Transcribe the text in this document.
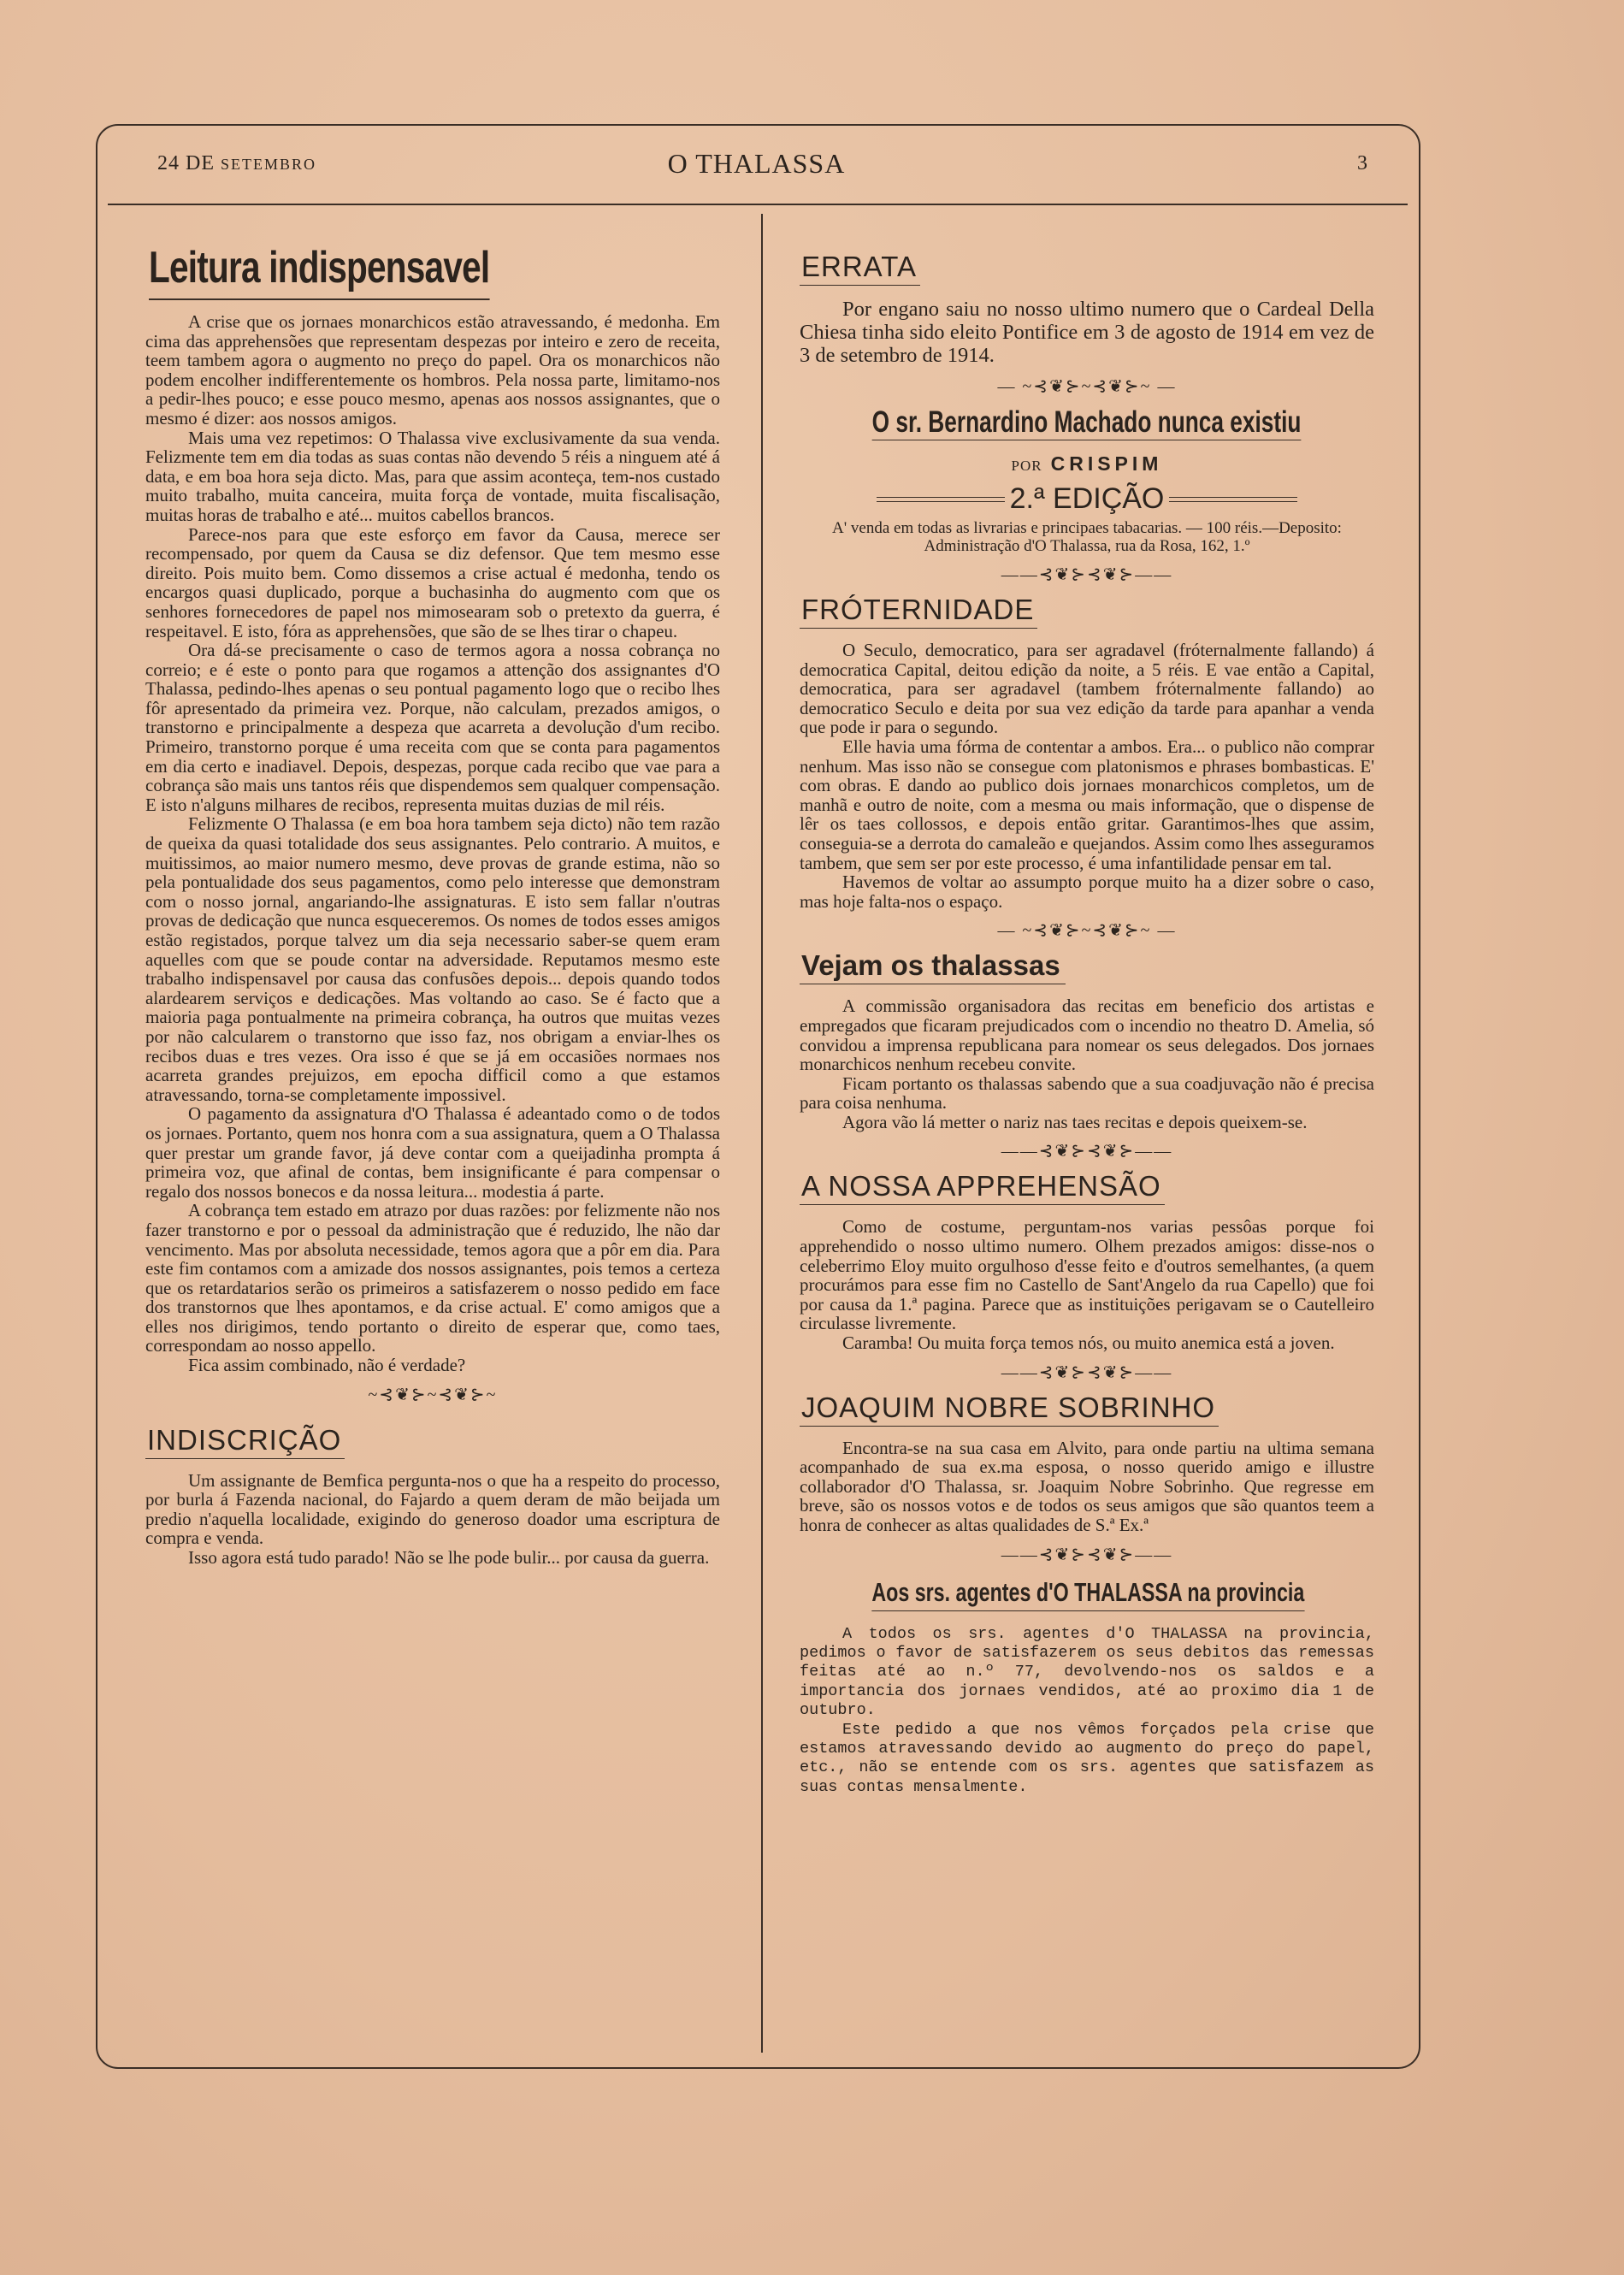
24 DE SETEMBRO	O THALASSA	3
Leitura indispensavel

A crise que os jornaes monarchicos estão atravessando, é medonha. Em cima das apprehensões que representam despezas por inteiro e zero de receita, teem tambem agora o augmento no preço do papel. Ora os monarchicos não podem encolher indifferentemente os hombros. Pela nossa parte, limitamo-nos a pedir-lhes pouco; e esse pouco mesmo, apenas aos nossos assignantes, que o mesmo é dizer: aos nossos amigos.

Mais uma vez repetimos: O Thalassa vive exclusivamente da sua venda. Felizmente tem em dia todas as suas contas não devendo 5 réis a ninguem até á data, e em boa hora seja dicto. Mas, para que assim aconteça, tem-nos custado muito trabalho, muita canceira, muita força de vontade, muita fiscalisação, muitas horas de trabalho e até... muitos cabellos brancos.

Parece-nos para que este esforço em favor da Causa, merece ser recompensado, por quem da Causa se diz defensor. Que tem mesmo esse direito. Pois muito bem. Como dissemos a crise actual é medonha, tendo os encargos quasi duplicado, porque a buchasinha do augmento com que os senhores fornecedores de papel nos mimosearam sob o pretexto da guerra, é respeitavel. E isto, fóra as apprehensões, que são de se lhes tirar o chapeu.

Ora dá-se precisamente o caso de termos agora a nossa cobrança no correio; e é este o ponto para que rogamos a attenção dos assignantes d'O Thalassa, pedindo-lhes apenas o seu pontual pagamento logo que o recibo lhes fôr apresentado da primeira vez. Porque, não calculam, prezados amigos, o transtorno e principalmente a despeza que acarreta a devolução d'um recibo. Primeiro, transtorno porque é uma receita com que se conta para pagamentos em dia certo e inadiavel. Depois, despezas, porque cada recibo que vae para a cobrança são mais uns tantos réis que dispendemos sem qualquer compensação. E isto n'alguns milhares de recibos, representa muitas duzias de mil réis.

Felizmente O Thalassa (e em boa hora tambem seja dicto) não tem razão de queixa da quasi totalidade dos seus assignantes. Pelo contrario. A muitos, e muitissimos, ao maior numero mesmo, deve provas de grande estima, não so pela pontualidade dos seus pagamentos, como pelo interesse que demonstram com o nosso jornal, angariando-lhe assignaturas. E isto sem fallar n'outras provas de dedicação que nunca esqueceremos. Os nomes de todos esses amigos estão registados, porque talvez um dia seja necessario saber-se quem eram aquelles com que se poude contar na adversidade. Reputamos mesmo este trabalho indispensavel por causa das confusões depois... depois quando todos alardearem serviços e dedicações. Mas voltando ao caso. Se é facto que a maioria paga pontualmente na primeira cobrança, ha outros que muitas vezes por não calcularem o transtorno que isso faz, nos obrigam a enviar-lhes os recibos duas e tres vezes. Ora isso é que se já em occasiões normaes nos acarreta grandes prejuizos, em epocha difficil como a que estamos atravessando, torna-se completamente impossivel.

O pagamento da assignatura d'O Thalassa é adeantado como o de todos os jornaes. Portanto, quem nos honra com a sua assignatura, quem a O Thalassa quer prestar um grande favor, já deve contar com a queijadinha prompta á primeira voz, que afinal de contas, bem insignificante é para compensar o regalo dos nossos bonecos e da nossa leitura... modestia á parte.

A cobrança tem estado em atrazo por duas razões: por felizmente não nos fazer transtorno e por o pessoal da administração que é reduzido, lhe não dar vencimento. Mas por absoluta necessidade, temos agora que a pôr em dia. Para este fim contamos com a amizade dos nossos assignantes, pois temos a certeza que os retardatarios serão os primeiros a satisfazerem o nosso pedido em face dos transtornos que lhes apontamos, e da crise actual. E' como amigos que a elles nos dirigimos, tendo portanto o direito de esperar que, como taes, correspondam ao nosso appello.

Fica assim combinado, não é verdade?

~⊰❦⊱~⊰❦⊱~
INDISCRIÇÃO

Um assignante de Bemfica pergunta-nos o que ha a respeito do processo, por burla á Fazenda nacional, do Fajardo a quem deram de mão beijada um predio n'aquella localidade, exigindo do generoso doador uma escriptura de compra e venda.

Isso agora está tudo parado! Não se lhe pode bulir... por causa da guerra.

ERRATA

Por engano saiu no nosso ultimo numero que o Cardeal Della Chiesa tinha sido eleito Pontifice em 3 de agosto de 1914 em vez de 3 de setembro de 1914.

— ~⊰❦⊱~⊰❦⊱~ —
O sr. Bernardino Machado nunca existiu
POR CRISPIM
2.ª EDIÇÃO

A' venda em todas as livrarias e principaes tabacarias. — 100 réis.—Deposito: Administração d'O Thalassa, rua da Rosa, 162, 1.º

——⊰❦⊱⊰❦⊱——
FRÓTERNIDADE

O Seculo, democratico, para ser agradavel (fróternalmente fallando) á democratica Capital, deitou edição da noite, a 5 réis. E vae então a Capital, democratica, para ser agradavel (tambem fróternalmente fallando) ao democratico Seculo e deita por sua vez edição da tarde para apanhar a venda que pode ir para o segundo.

Elle havia uma fórma de contentar a ambos. Era... o publico não comprar nenhum. Mas isso não se consegue com platonismos e phrases bombasticas. E' com obras. E dando ao publico dois jornaes monarchicos completos, um de manhã e outro de noite, com a mesma ou mais informação, que o dispense de lêr os taes collossos, e depois então gritar. Garantimos-lhes que assim, conseguia-se a derrota do camaleão e quejandos. Assim como lhes asseguramos tambem, que sem ser por este processo, é uma infantilidade pensar em tal.

Havemos de voltar ao assumpto porque muito ha a dizer sobre o caso, mas hoje falta-nos o espaço.

— ~⊰❦⊱~⊰❦⊱~ —
Vejam os thalassas

A commissão organisadora das recitas em beneficio dos artistas e empregados que ficaram prejudicados com o incendio no theatro D. Amelia, só convidou a imprensa republicana para nomear os seus delegados. Dos jornaes monarchicos nenhum recebeu convite.

Ficam portanto os thalassas sabendo que a sua coadjuvação não é precisa para coisa nenhuma.

Agora vão lá metter o nariz nas taes recitas e depois queixem-se.

——⊰❦⊱⊰❦⊱——
A NOSSA APPREHENSÃO

Como de costume, perguntam-nos varias pessôas porque foi apprehendido o nosso ultimo numero. Olhem prezados amigos: disse-nos o celeberrimo Eloy muito orgulhoso d'esse feito e d'outros semelhantes, (a quem procurámos para esse fim no Castello de Sant'Angelo da rua Capello) que foi por causa da 1.ª pagina. Parece que as instituições perigavam se o Cautelleiro circulasse livremente.

Caramba! Ou muita força temos nós, ou muito anemica está a joven.

——⊰❦⊱⊰❦⊱——
JOAQUIM NOBRE SOBRINHO

Encontra-se na sua casa em Alvito, para onde partiu na ultima semana acompanhado de sua ex.ma esposa, o nosso querido amigo e illustre collaborador d'O Thalassa, sr. Joaquim Nobre Sobrinho. Que regresse em breve, são os nossos votos e de todos os seus amigos que são quantos teem a honra de conhecer as altas qualidades de S.ª Ex.ª

——⊰❦⊱⊰❦⊱——
Aos srs. agentes d'O THALASSA na provincia

A todos os srs. agentes d'O THALASSA na provincia, pedimos o favor de satisfazerem os seus debitos das remessas feitas até ao n.º 77, devolvendo-nos os saldos e a importancia dos jornaes vendidos, até ao proximo dia 1 de outubro.

Este pedido a que nos vêmos forçados pela crise que estamos atravessando devido ao augmento do preço do papel, etc., não se entende com os srs. agentes que satisfazem as suas contas mensalmente.
